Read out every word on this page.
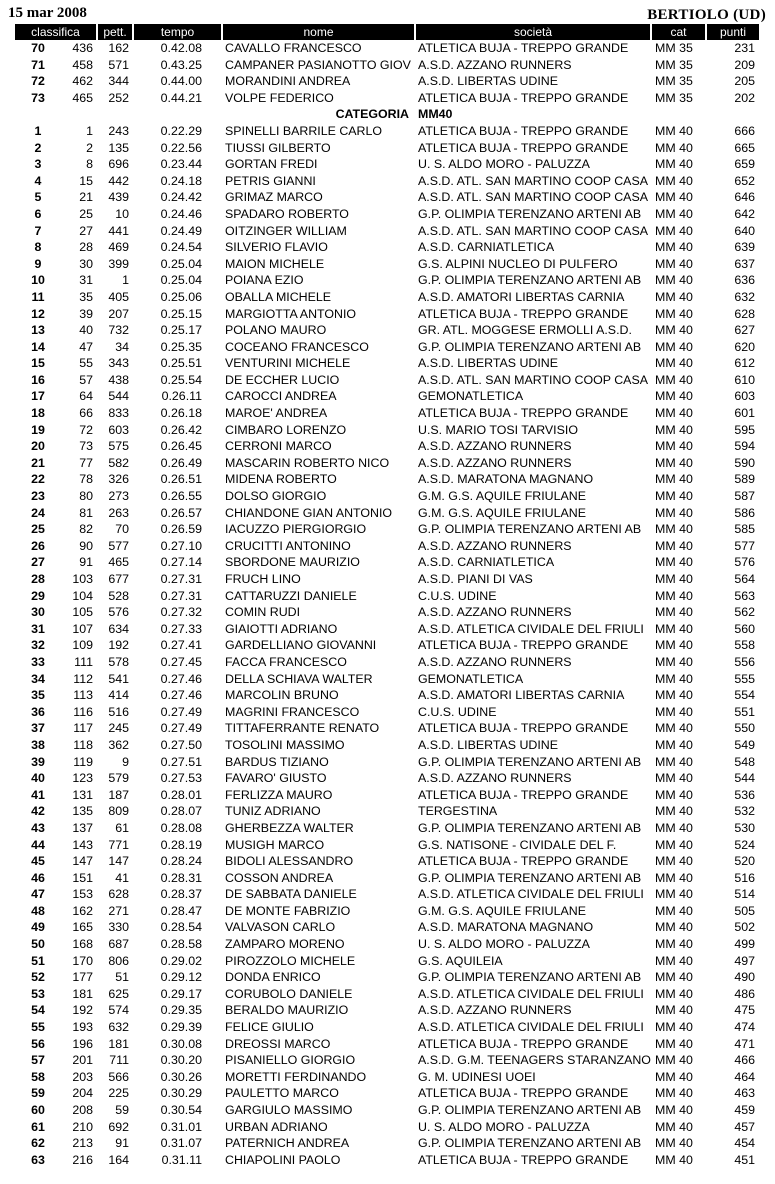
15 mar 2008	BERTIOLO (UD)
classifica		pett.	tempo	nome	società	cat	punti
70	436	162	0.42.08	CAVALLO FRANCESCO	ATLETICA BUJA - TREPPO GRANDE	MM 35	231
71	458	571	0.43.25	CAMPANER PASIANOTTO GIOV	A.S.D. AZZANO RUNNERS	MM 35	209
72	462	344	0.44.00	MORANDINI ANDREA	A.S.D. LIBERTAS UDINE	MM 35	205
73	465	252	0.44.21	VOLPE FEDERICO	ATLETICA BUJA - TREPPO GRANDE	MM 35	202
				CATEGORIA	MM40		
1	1	243	0.22.29	SPINELLI BARRILE CARLO	ATLETICA BUJA - TREPPO GRANDE	MM 40	666
2	2	135	0.22.56	TIUSSI GILBERTO	ATLETICA BUJA - TREPPO GRANDE	MM 40	665
3	8	696	0.23.44	GORTAN FREDI	U. S. ALDO MORO - PALUZZA	MM 40	659
4	15	442	0.24.18	PETRIS GIANNI	A.S.D. ATL. SAN MARTINO COOP CASA	MM 40	652
5	21	439	0.24.42	GRIMAZ MARCO	A.S.D. ATL. SAN MARTINO COOP CASA	MM 40	646
6	25	10	0.24.46	SPADARO ROBERTO	G.P. OLIMPIA TERENZANO ARTENI AB	MM 40	642
7	27	441	0.24.49	OITZINGER WILLIAM	A.S.D. ATL. SAN MARTINO COOP CASA	MM 40	640
8	28	469	0.24.54	SILVERIO FLAVIO	A.S.D. CARNIATLETICA	MM 40	639
9	30	399	0.25.04	MAION MICHELE	G.S. ALPINI NUCLEO DI PULFERO	MM 40	637
10	31	1	0.25.04	POIANA EZIO	G.P. OLIMPIA TERENZANO ARTENI AB	MM 40	636
11	35	405	0.25.06	OBALLA MICHELE	A.S.D. AMATORI LIBERTAS CARNIA	MM 40	632
12	39	207	0.25.15	MARGIOTTA ANTONIO	ATLETICA BUJA - TREPPO GRANDE	MM 40	628
13	40	732	0.25.17	POLANO MAURO	GR. ATL. MOGGESE ERMOLLI A.S.D.	MM 40	627
14	47	34	0.25.35	COCEANO FRANCESCO	G.P. OLIMPIA TERENZANO ARTENI AB	MM 40	620
15	55	343	0.25.51	VENTURINI MICHELE	A.S.D. LIBERTAS UDINE	MM 40	612
16	57	438	0.25.54	DE ECCHER LUCIO	A.S.D. ATL. SAN MARTINO COOP CASA	MM 40	610
17	64	544	0.26.11	CAROCCI ANDREA	GEMONATLETICA	MM 40	603
18	66	833	0.26.18	MAROE' ANDREA	ATLETICA BUJA - TREPPO GRANDE	MM 40	601
19	72	603	0.26.42	CIMBARO LORENZO	U.S. MARIO TOSI TARVISIO	MM 40	595
20	73	575	0.26.45	CERRONI MARCO	A.S.D. AZZANO RUNNERS	MM 40	594
21	77	582	0.26.49	MASCARIN ROBERTO NICO	A.S.D. AZZANO RUNNERS	MM 40	590
22	78	326	0.26.51	MIDENA ROBERTO	A.S.D. MARATONA MAGNANO	MM 40	589
23	80	273	0.26.55	DOLSO GIORGIO	G.M. G.S. AQUILE FRIULANE	MM 40	587
24	81	263	0.26.57	CHIANDONE GIAN ANTONIO	G.M. G.S. AQUILE FRIULANE	MM 40	586
25	82	70	0.26.59	IACUZZO PIERGIORGIO	G.P. OLIMPIA TERENZANO ARTENI AB	MM 40	585
26	90	577	0.27.10	CRUCITTI ANTONINO	A.S.D. AZZANO RUNNERS	MM 40	577
27	91	465	0.27.14	SBORDONE MAURIZIO	A.S.D. CARNIATLETICA	MM 40	576
28	103	677	0.27.31	FRUCH LINO	A.S.D. PIANI DI VAS	MM 40	564
29	104	528	0.27.31	CATTARUZZI DANIELE	C.U.S. UDINE	MM 40	563
30	105	576	0.27.32	COMIN RUDI	A.S.D. AZZANO RUNNERS	MM 40	562
31	107	634	0.27.33	GIAIOTTI ADRIANO	A.S.D. ATLETICA CIVIDALE DEL FRIULI	MM 40	560
32	109	192	0.27.41	GARDELLIANO GIOVANNI	ATLETICA BUJA - TREPPO GRANDE	MM 40	558
33	111	578	0.27.45	FACCA FRANCESCO	A.S.D. AZZANO RUNNERS	MM 40	556
34	112	541	0.27.46	DELLA SCHIAVA WALTER	GEMONATLETICA	MM 40	555
35	113	414	0.27.46	MARCOLIN BRUNO	A.S.D. AMATORI LIBERTAS CARNIA	MM 40	554
36	116	516	0.27.49	MAGRINI FRANCESCO	C.U.S. UDINE	MM 40	551
37	117	245	0.27.49	TITTAFERRANTE RENATO	ATLETICA BUJA - TREPPO GRANDE	MM 40	550
38	118	362	0.27.50	TOSOLINI MASSIMO	A.S.D. LIBERTAS UDINE	MM 40	549
39	119	9	0.27.51	BARDUS TIZIANO	G.P. OLIMPIA TERENZANO ARTENI AB	MM 40	548
40	123	579	0.27.53	FAVARO' GIUSTO	A.S.D. AZZANO RUNNERS	MM 40	544
41	131	187	0.28.01	FERLIZZA MAURO	ATLETICA BUJA - TREPPO GRANDE	MM 40	536
42	135	809	0.28.07	TUNIZ ADRIANO	TERGESTINA	MM 40	532
43	137	61	0.28.08	GHERBEZZA WALTER	G.P. OLIMPIA TERENZANO ARTENI AB	MM 40	530
44	143	771	0.28.19	MUSIGH MARCO	G.S. NATISONE - CIVIDALE DEL F.	MM 40	524
45	147	147	0.28.24	BIDOLI ALESSANDRO	ATLETICA BUJA - TREPPO GRANDE	MM 40	520
46	151	41	0.28.31	COSSON ANDREA	G.P. OLIMPIA TERENZANO ARTENI AB	MM 40	516
47	153	628	0.28.37	DE SABBATA DANIELE	A.S.D. ATLETICA CIVIDALE DEL FRIULI	MM 40	514
48	162	271	0.28.47	DE MONTE FABRIZIO	G.M. G.S. AQUILE FRIULANE	MM 40	505
49	165	330	0.28.54	VALVASON CARLO	A.S.D. MARATONA MAGNANO	MM 40	502
50	168	687	0.28.58	ZAMPARO MORENO	U. S. ALDO MORO - PALUZZA	MM 40	499
51	170	806	0.29.02	PIROZZOLO MICHELE	G.S. AQUILEIA	MM 40	497
52	177	51	0.29.12	DONDA ENRICO	G.P. OLIMPIA TERENZANO ARTENI AB	MM 40	490
53	181	625	0.29.17	CORUBOLO DANIELE	A.S.D. ATLETICA CIVIDALE DEL FRIULI	MM 40	486
54	192	574	0.29.35	BERALDO MAURIZIO	A.S.D. AZZANO RUNNERS	MM 40	475
55	193	632	0.29.39	FELICE GIULIO	A.S.D. ATLETICA CIVIDALE DEL FRIULI	MM 40	474
56	196	181	0.30.08	DREOSSI MARCO	ATLETICA BUJA - TREPPO GRANDE	MM 40	471
57	201	711	0.30.20	PISANIELLO GIORGIO	A.S.D. G.M. TEENAGERS STARANZANO	MM 40	466
58	203	566	0.30.26	MORETTI FERDINANDO	G. M. UDINESI UOEI	MM 40	464
59	204	225	0.30.29	PAULETTO MARCO	ATLETICA BUJA - TREPPO GRANDE	MM 40	463
60	208	59	0.30.54	GARGIULO MASSIMO	G.P. OLIMPIA TERENZANO ARTENI AB	MM 40	459
61	210	692	0.31.01	URBAN ADRIANO	U. S. ALDO MORO - PALUZZA	MM 40	457
62	213	91	0.31.07	PATERNICH ANDREA	G.P. OLIMPIA TERENZANO ARTENI AB	MM 40	454
63	216	164	0.31.11	CHIAPOLINI PAOLO	ATLETICA BUJA - TREPPO GRANDE	MM 40	451
